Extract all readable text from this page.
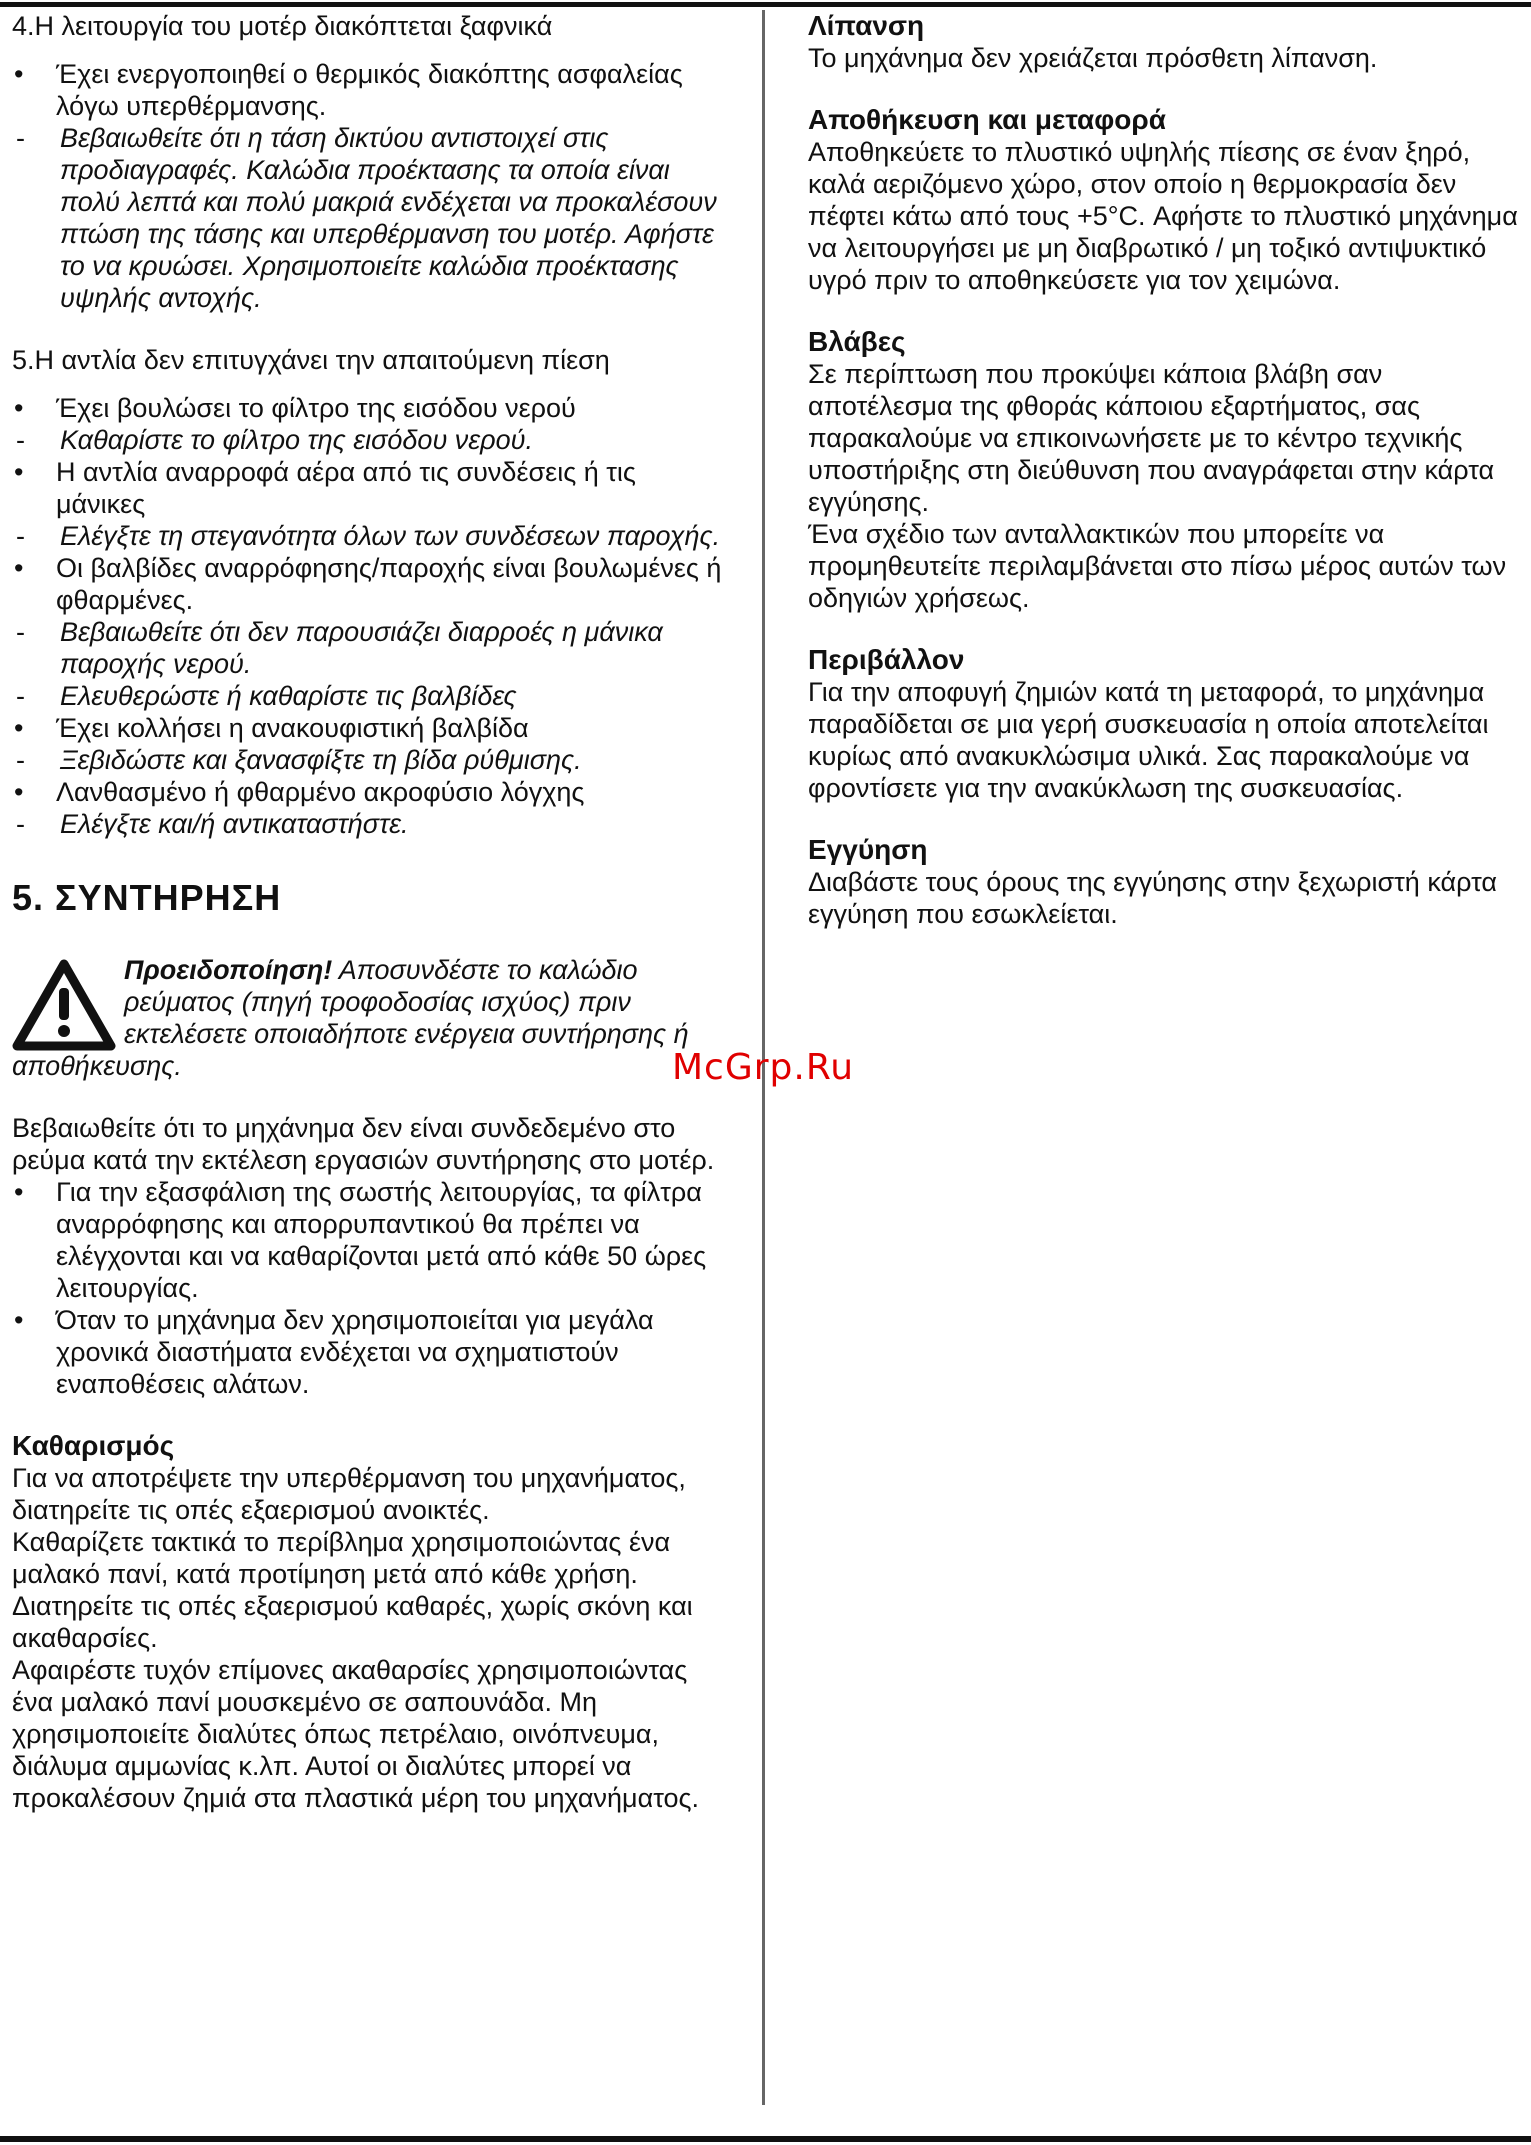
4.Η λειτουργία του μοτέρ διακόπτεται ξαφνικά

• Έχει ενεργοποιηθεί ο θερμικός διακόπτης ασφαλείας λόγω υπερθέρμανσης.
- Βεβαιωθείτε ότι η τάση δικτύου αντιστοιχεί στις προδιαγραφές. Καλώδια προέκτασης τα οποία είναι πολύ λεπτά και πολύ μακριά ενδέχεται να προκαλέσουν πτώση της τάσης και υπερθέρμανση του μοτέρ. Αφήστε το να κρυώσει. Χρησιμοποιείτε καλώδια προέκτασης υψηλής αντοχής.

5.Η αντλία δεν επιτυγχάνει την απαιτούμενη πίεση

• Έχει βουλώσει το φίλτρο της εισόδου νερού
- Καθαρίστε το φίλτρο της εισόδου νερού.
• Η αντλία αναρροφά αέρα από τις συνδέσεις ή τις μάνικες
- Ελέγξτε τη στεγανότητα όλων των συνδέσεων παροχής.
• Οι βαλβίδες αναρρόφησης/παροχής είναι βουλωμένες ή φθαρμένες.
- Βεβαιωθείτε ότι δεν παρουσιάζει διαρροές η μάνικα παροχής νερού.
- Ελευθερώστε ή καθαρίστε τις βαλβίδες
• Έχει κολλήσει η ανακουφιστική βαλβίδα
- Ξεβιδώστε και ξανασφίξτε τη βίδα ρύθμισης.
• Λανθασμένο ή φθαρμένο ακροφύσιο λόγχης
- Ελέγξτε και/ή αντικαταστήστε.

5. ΣΥΝΤΗΡΗΣΗ

Προειδοποίηση! Αποσυνδέστε το καλώδιο

ρεύματος (πηγή τροφοδοσίας ισχύος) πριν

εκτελέσετε οποιαδήποτε ενέργεια συντήρησης ή

αποθήκευσης.

Βεβαιωθείτε ότι το μηχάνημα δεν είναι συνδεδεμένο στο ρεύμα κατά την εκτέλεση εργασιών συντήρησης στο μοτέρ.

• Για την εξασφάλιση της σωστής λειτουργίας, τα φίλτρα αναρρόφησης και απορρυπαντικού θα πρέπει να ελέγχονται και να καθαρίζονται μετά από κάθε 50 ώρες λειτουργίας.
• Όταν το μηχάνημα δεν χρησιμοποιείται για μεγάλα χρονικά διαστήματα ενδέχεται να σχηματιστούν εναποθέσεις αλάτων.

Καθαρισμός

Για να αποτρέψετε την υπερθέρμανση του μηχανήματος, διατηρείτε τις οπές εξαερισμού ανοικτές.

Καθαρίζετε τακτικά το περίβλημα χρησιμοποιώντας ένα μαλακό πανί, κατά προτίμηση μετά από κάθε χρήση. Διατηρείτε τις οπές εξαερισμού καθαρές, χωρίς σκόνη και ακαθαρσίες.

Αφαιρέστε τυχόν επίμονες ακαθαρσίες χρησιμοποιώντας ένα μαλακό πανί μουσκεμένο σε σαπουνάδα. Μη χρησιμοποιείτε διαλύτες όπως πετρέλαιο, οινόπνευμα, διάλυμα αμμωνίας κ.λπ. Αυτοί οι διαλύτες μπορεί να προκαλέσουν ζημιά στα πλαστικά μέρη του μηχανήματος.

Λίπανση

Το μηχάνημα δεν χρειάζεται πρόσθετη λίπανση.

Αποθήκευση και μεταφορά

Αποθηκεύετε το πλυστικό υψηλής πίεσης σε έναν ξηρό, καλά αεριζόμενο χώρο, στον οποίο η θερμοκρασία δεν πέφτει κάτω από τους +5°C. Αφήστε το πλυστικό μηχάνημα να λειτουργήσει με μη διαβρωτικό / μη τοξικό αντιψυκτικό υγρό πριν το αποθηκεύσετε για τον χειμώνα.

Βλάβες

Σε περίπτωση που προκύψει κάποια βλάβη σαν αποτέλεσμα της φθοράς κάποιου εξαρτήματος, σας παρακαλούμε να επικοινωνήσετε με το κέντρο τεχνικής υποστήριξης στη διεύθυνση που αναγράφεται στην κάρτα εγγύησης.

Ένα σχέδιο των ανταλλακτικών που μπορείτε να προμηθευτείτε περιλαμβάνεται στο πίσω μέρος αυτών των οδηγιών χρήσεως.

Περιβάλλον

Για την αποφυγή ζημιών κατά τη μεταφορά, το μηχάνημα παραδίδεται σε μια γερή συσκευασία η οποία αποτελείται κυρίως από ανακυκλώσιμα υλικά. Σας παρακαλούμε να φροντίσετε για την ανακύκλωση της συσκευασίας.

Εγγύηση

Διαβάστε τους όρους της εγγύησης στην ξεχωριστή κάρτα εγγύηση που εσωκλείεται.

McGrp.Ru
